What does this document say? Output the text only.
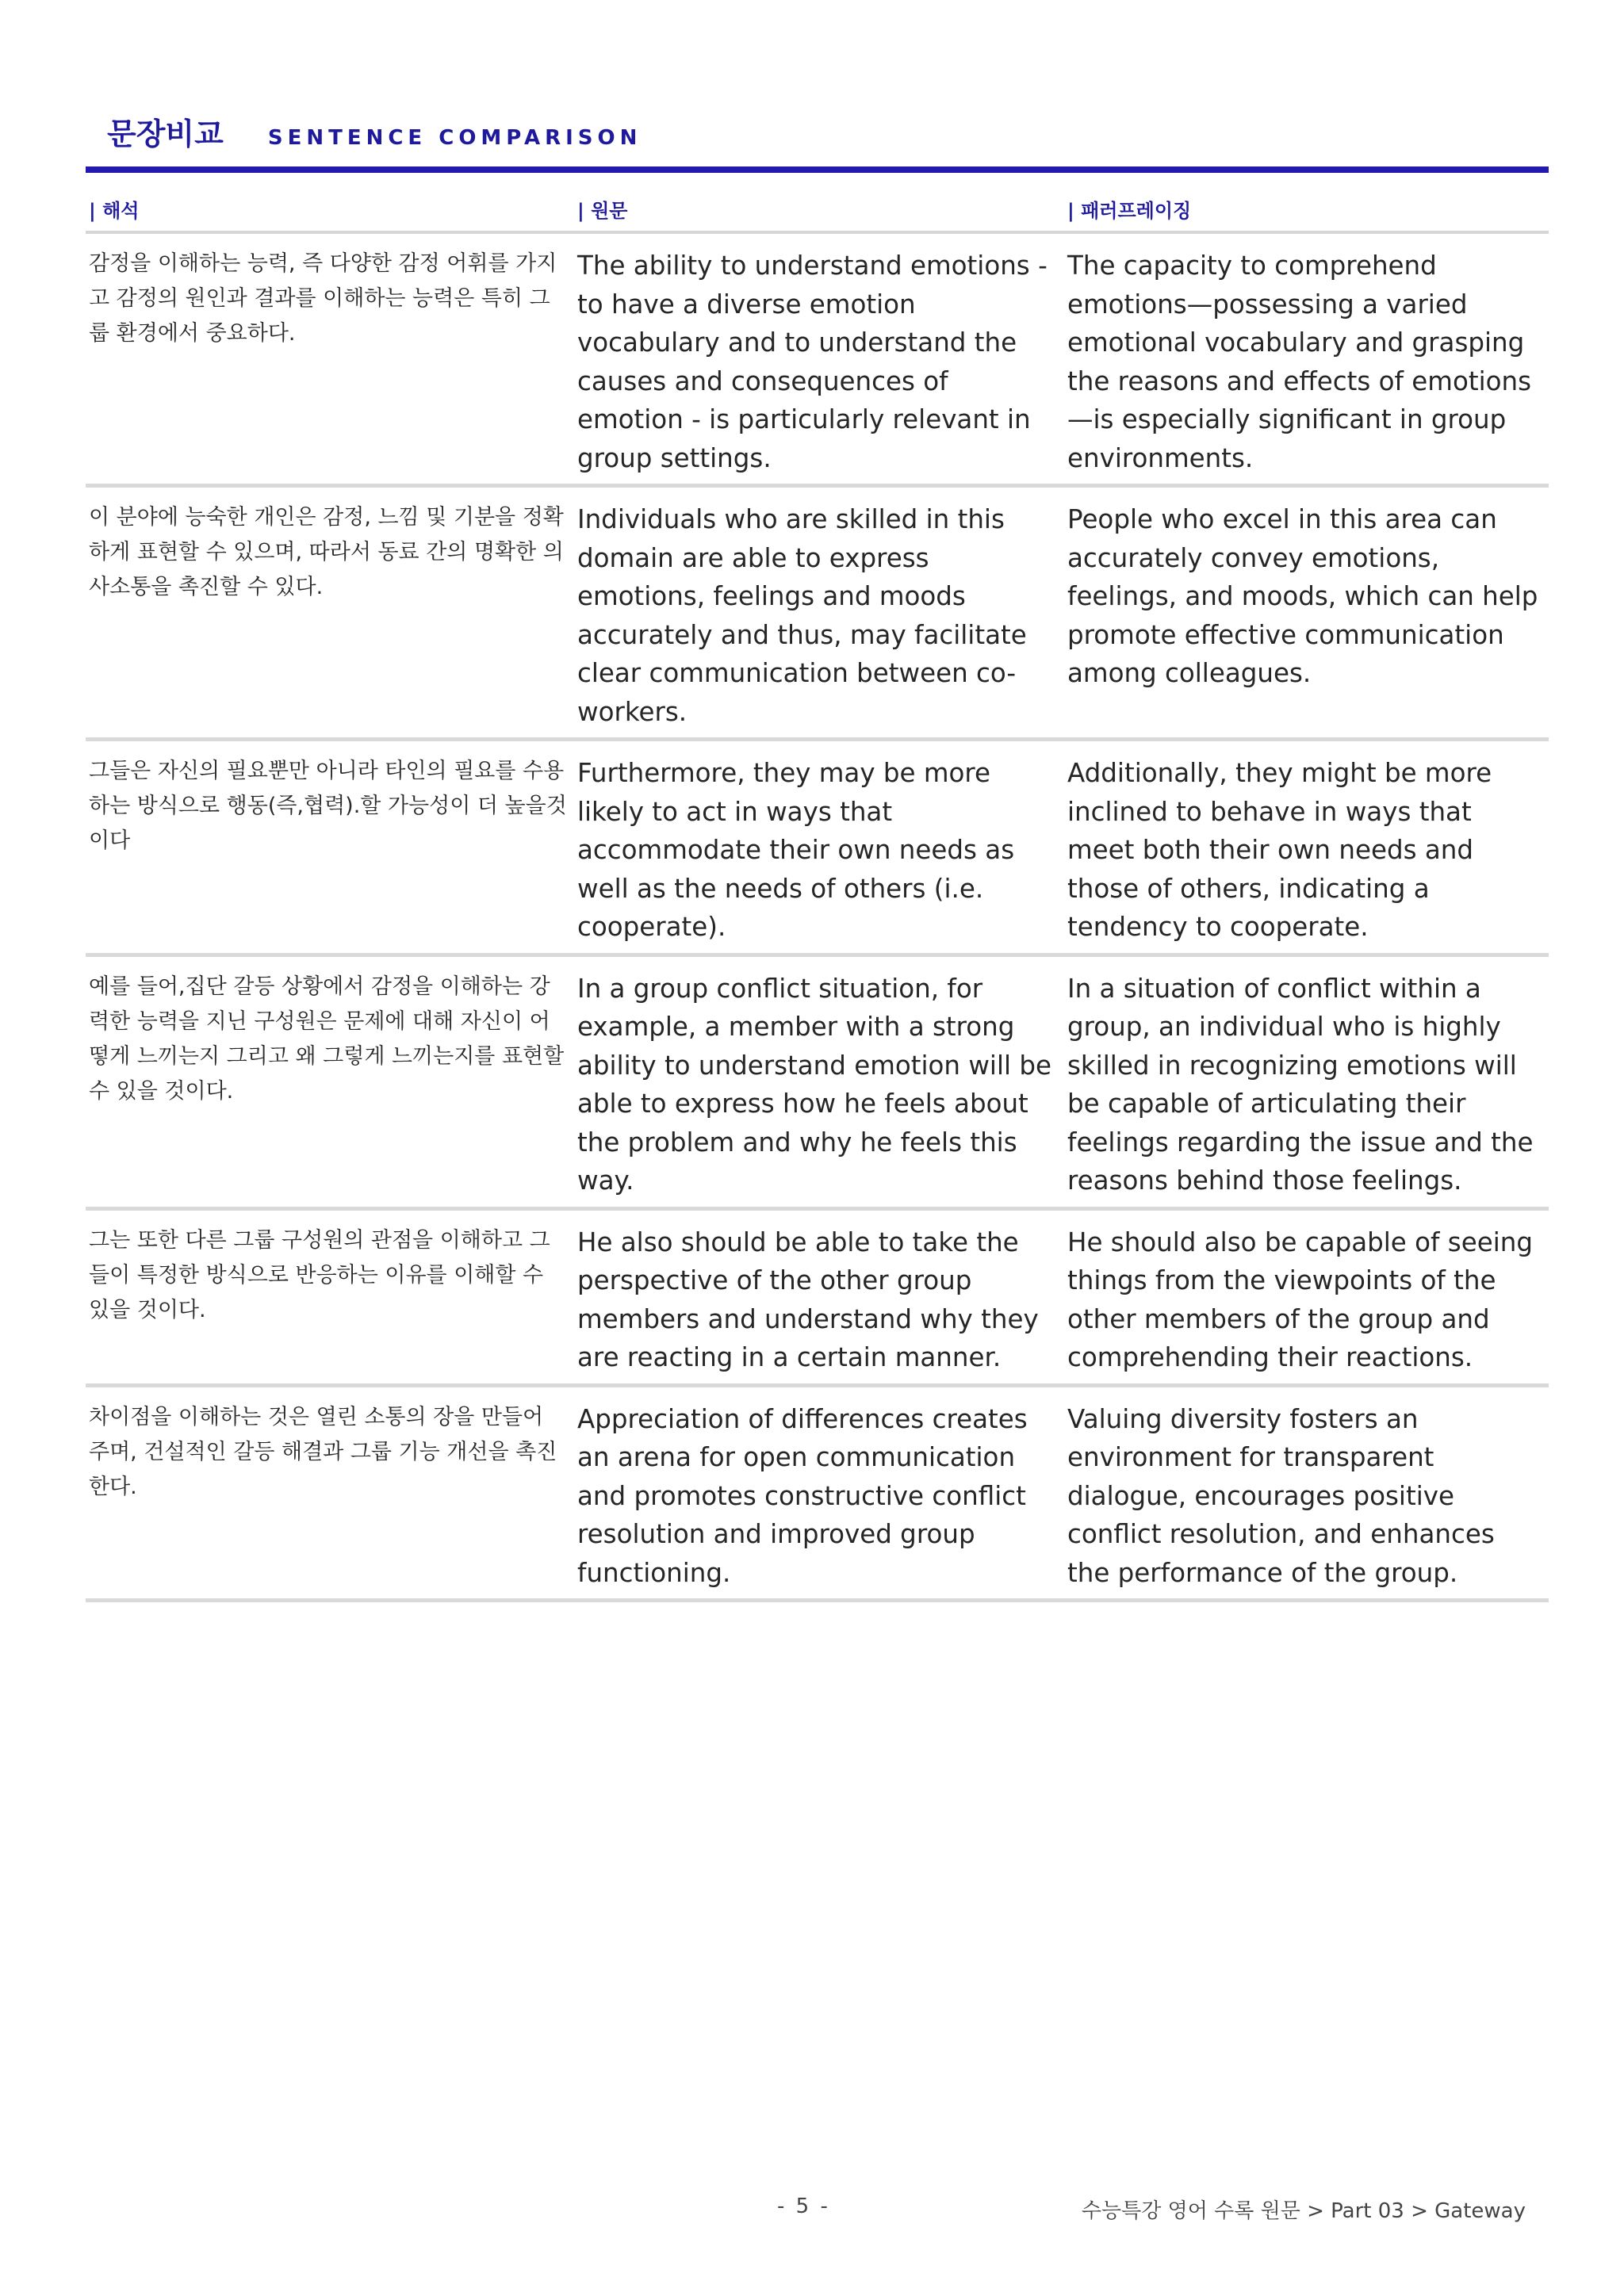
문장비교 SENTENCE COMPARISON
| 해석	| 원문	| 패러프레이징
감정을 이해하는 능력, 즉 다양한 감정 어휘를 가지고 감정의 원인과 결과를 이해하는 능력은 특히 그룹 환경에서 중요하다.	The ability to understand emotions - to have a diverse emotion vocabulary and to understand the causes and consequences of emotion - is particularly relevant in group settings.	The capacity to comprehend emotions—possessing a varied emotional vocabulary and grasping the reasons and effects of emotions—is especially significant in group environments.
이 분야에 능숙한 개인은 감정, 느낌 및 기분을 정확하게 표현할 수 있으며, 따라서 동료 간의 명확한 의사소통을 촉진할 수 있다.	Individuals who are skilled in this domain are able to express emotions, feelings and moods accurately and thus, may facilitate clear communication between co-workers.	People who excel in this area can accurately convey emotions, feelings, and moods, which can help promote effective communication among colleagues.
그들은 자신의 필요뿐만 아니라 타인의 필요를 수용하는 방식으로 행동(즉,협력).할 가능성이 더 높을것이다	Furthermore, they may be more likely to act in ways that accommodate their own needs as well as the needs of others (i.e. cooperate).	Additionally, they might be more inclined to behave in ways that meet both their own needs and those of others, indicating a tendency to cooperate.
예를 들어,집단 갈등 상황에서 감정을 이해하는 강력한 능력을 지닌 구성원은 문제에 대해 자신이 어떻게 느끼는지 그리고 왜 그렇게 느끼는지를 표현할 수 있을 것이다.	In a group conflict situation, for example, a member with a strong ability to understand emotion will be able to express how he feels about the problem and why he feels this way.	In a situation of conflict within a group, an individual who is highly skilled in recognizing emotions will be capable of articulating their feelings regarding the issue and the reasons behind those feelings.
그는 또한 다른 그룹 구성원의 관점을 이해하고 그들이 특정한 방식으로 반응하는 이유를 이해할 수 있을 것이다.	He also should be able to take the perspective of the other group members and understand why they are reacting in a certain manner.	He should also be capable of seeing things from the viewpoints of the other members of the group and comprehending their reactions.
차이점을 이해하는 것은 열린 소통의 장을 만들어 주며, 건설적인 갈등 해결과 그룹 기능 개선을 촉진한다.	Appreciation of differences creates an arena for open communication and promotes constructive conflict resolution and improved group functioning.	Valuing diversity fosters an environment for transparent dialogue, encourages positive conflict resolution, and enhances the performance of the group.
- 5 -	수능특강 영어 수록 원문 > Part 03 > Gateway
